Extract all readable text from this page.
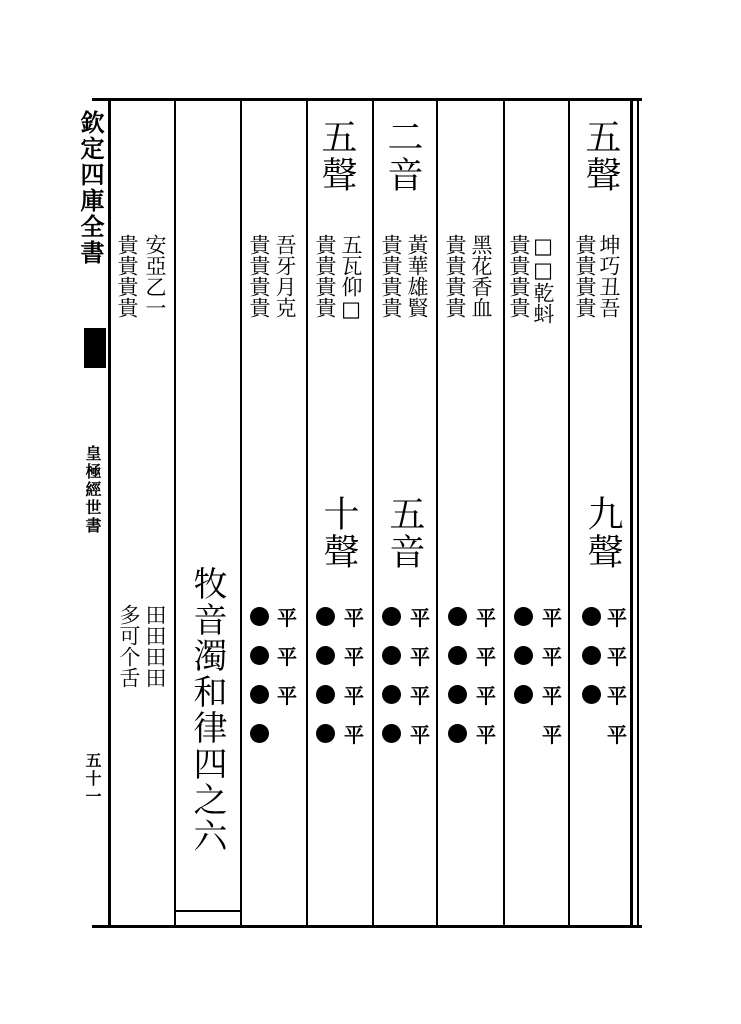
欽定四庫全書
皇極經世書
五十一
五聲
坤巧丑吾
貴貴貴貴
九聲
平
平
平
平
□□乾蚪
貴貴貴貴
平
平
平
平
黑花香血
貴貴貴貴
平
平
平
平
二音
黃華雄賢
貴貴貴貴
五音
平
平
平
平
五聲
五瓦仰□
貴貴貴貴
十聲
平
平
平
平
吾牙月克
貴貴貴貴
平
平
平
牧音濁和律四之六
安亞乙一
貴貴貴貴
田田田田
多可个舌
